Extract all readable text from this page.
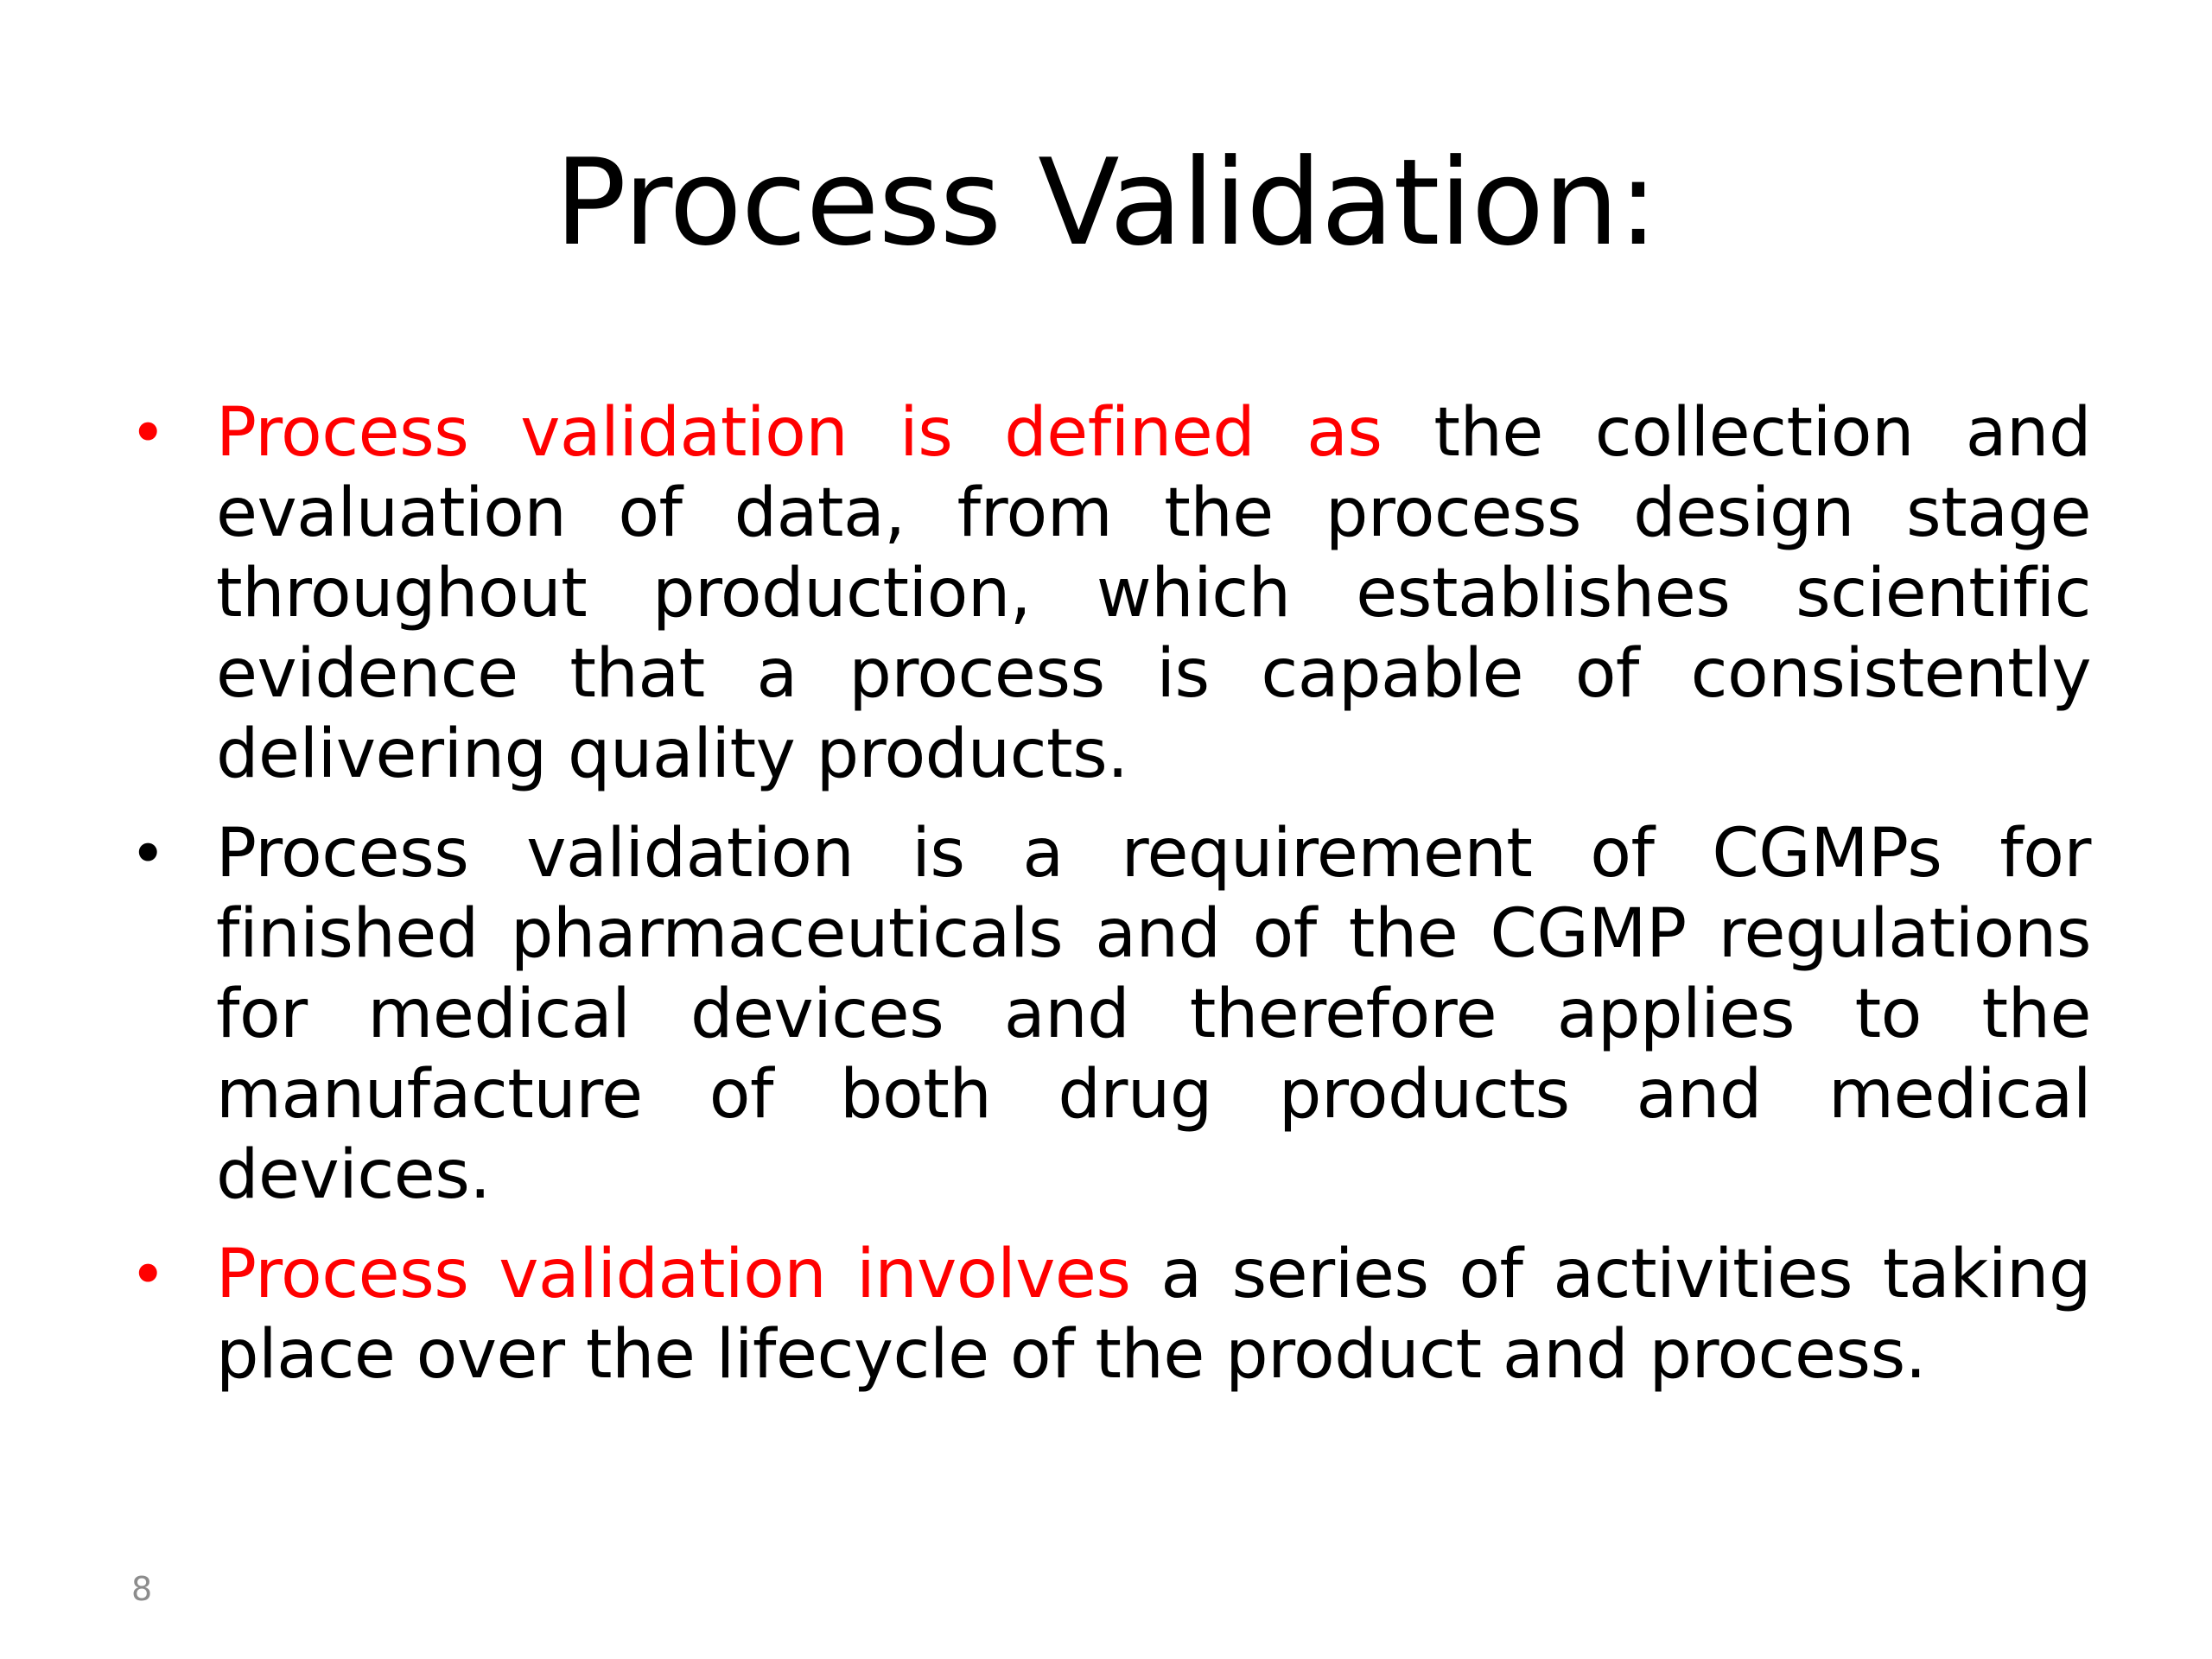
Process Validation:
• Process validation is defined as the collection and evaluation of data, from the process design stage throughout production, which establishes scientific evidence that a process is capable of consistently delivering quality products.
• Process validation is a requirement of CGMPs for finished pharmaceuticals and of the CGMP regulations for medical devices and therefore applies to the manufacture of both drug products and medical devices.
• Process validation involves a series of activities taking place over the lifecycle of the product and process.
8
